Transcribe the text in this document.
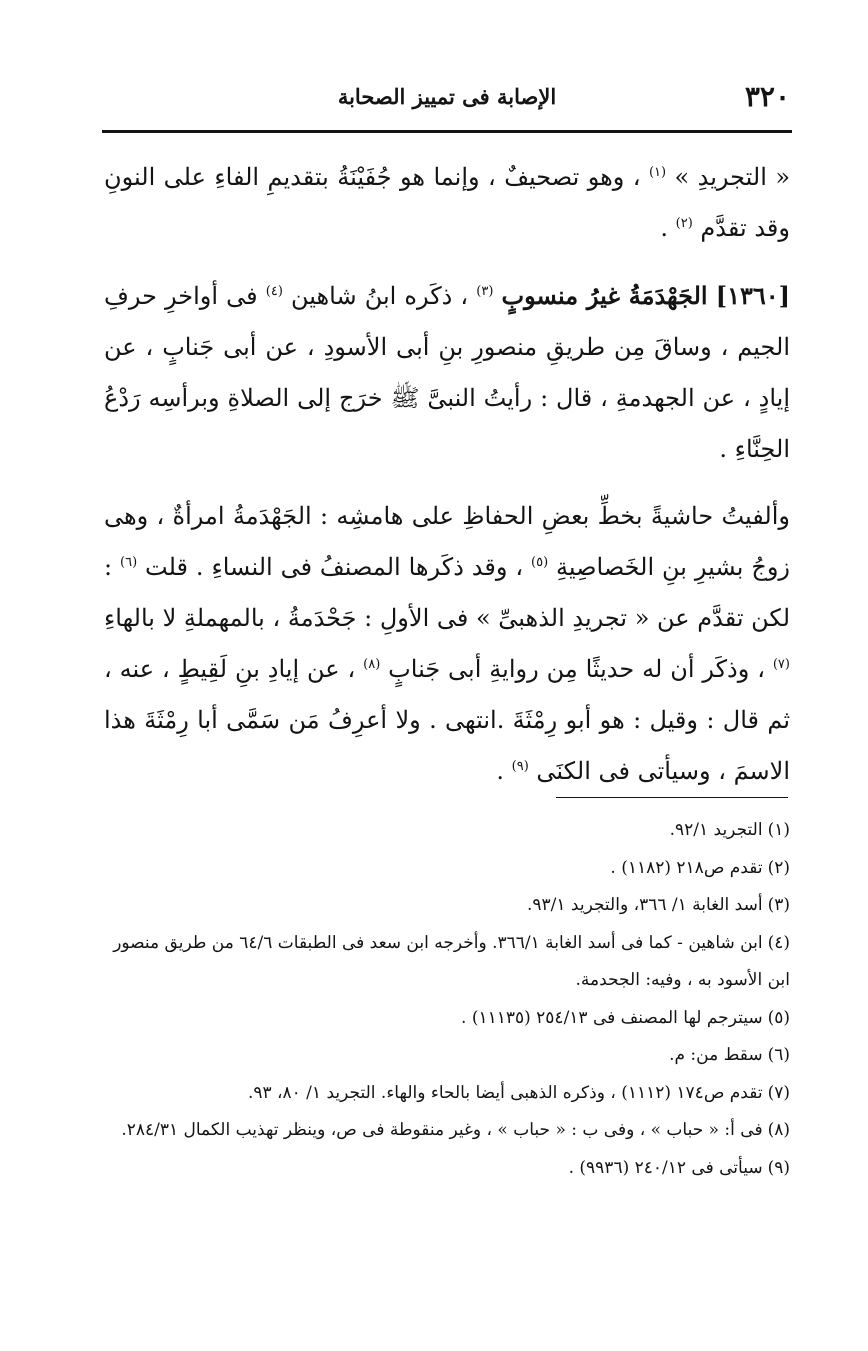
٣٢٠
الإصابة فى تمييز الصحابة

« التجريدِ » $^{(١)}$ ، وهو تصحيفٌ ، وإنما هو جُفَيْنَةُ بتقديمِ الفاءِ على النونِ وقد تقدَّم $^{(٢)}$ .

[١٣٦٠] الجَهْدَمَةُ غيرُ منسوبٍ $^{(٣)}$ ، ذكَره ابنُ شاهين $^{(٤)}$ فى أواخرِ حرفِ الجيم ، وساقَ مِن طريقِ منصورِ بنِ أبى الأسودِ ، عن أبى جَنابٍ ، عن إيادٍ ، عن الجهدمةِ ، قال : رأيتُ النبىَّ ﷺ خرَج إلى الصلاةِ وبرأسِه رَدْعُ الحِنَّاءِ .

وألفيتُ حاشيةً بخطِّ بعضِ الحفاظِ على هامشِه : الجَهْدَمةُ امرأةٌ ، وهى زوجُ بشيرِ بنِ الخَصاصِيةِ $^{(٥)}$ ، وقد ذكَرها المصنفُ فى النساءِ . قلت $^{(٦)}$ : لكن تقدَّم عن « تجريدِ الذهبىِّ » فى الأولِ : جَحْدَمةُ ، بالمهملةِ لا بالهاءِ $^{(٧)}$ ، وذكَر أن له حديثًا مِن روايةِ أبى جَنابٍ $^{(٨)}$ ، عن إيادِ بنِ لَقِيطٍ ، عنه ، ثم قال : وقيل : هو أبو رِمْثَةَ .انتهى . ولا أعرِفُ مَن سَمَّى أبا رِمْثَةَ هذا الاسمَ ، وسيأتى فى الكنَى $^{(٩)}$ .

(١)التجريد ٩٢/١.

(٢)تقدم ص٢١٨ (١١٨٢) .

(٣)أسد الغابة ١/ ٣٦٦، والتجريد ٩٣/١.

(٤)ابن شاهين - كما فى أسد الغابة ٣٦٦/١. وأخرجه ابن سعد فى الطبقات ٦٤/٦ من طريق منصور ابن الأسود به ، وفيه: الجحدمة.

(٥)سيترجم لها المصنف فى ٢٥٤/١٣ (١١١٣٥) .

(٦)سقط من: م.

(٧)تقدم ص١٧٤ (١١١٢) ، وذكره الذهبى أيضا بالحاء والهاء. التجريد ١/ ٨٠، ٩٣.

(٨)فى أ: « حباب » ، وفى ب : « حباب » ، وغير منقوطة فى ص، وينظر تهذيب الكمال ٢٨٤/٣١.

(٩)سيأتى فى ٢٤٠/١٢ (٩٩٣٦) .
